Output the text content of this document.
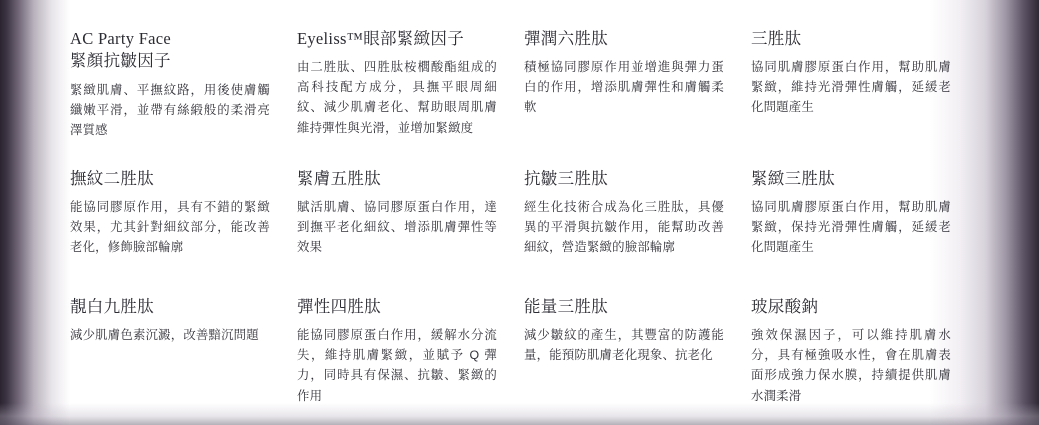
AC Party Face
緊顏抗皺因子

緊緻肌膚、平撫紋路，用後使膚觸纖嫩平滑，並帶有絲緞般的柔滑亮澤質感

Eyeliss™眼部緊緻因子

由二胜肽、四胜肽桉櫚酸酯組成的高科技配方成分，具撫平眼周細紋、減少肌膚老化、幫助眼周肌膚維持彈性與光滑，並增加緊緻度

彈潤六胜肽

積極協同膠原作用並增進與彈力蛋白的作用，增添肌膚彈性和膚觸柔軟

三胜肽

協同肌膚膠原蛋白作用，幫助肌膚緊緻，維持光滑彈性膚觸，延緩老化問題產生

撫紋二胜肽

能協同膠原作用，具有不錯的緊緻效果，尤其針對細紋部分，能改善老化，修飾臉部輪廓

緊膚五胜肽

賦活肌膚、協同膠原蛋白作用，達到撫平老化細紋、增添肌膚彈性等效果

抗皺三胜肽

經生化技術合成為化三胜肽，具優異的平滑與抗皺作用，能幫助改善細紋，營造緊緻的臉部輪廓

緊緻三胜肽

協同肌膚膠原蛋白作用，幫助肌膚緊緻，保持光滑彈性膚觸，延緩老化問題產生

靚白九胜肽

減少肌膚色素沉澱，改善黯沉問題

彈性四胜肽

能協同膠原蛋白作用，緩解水分流失，維持肌膚緊緻，並賦予 Q 彈力，同時具有保濕、抗皺、緊緻的作用

能量三胜肽

減少皺紋的產生，其豐富的防護能量，能預防肌膚老化現象、抗老化

玻尿酸鈉

強效保濕因子，可以維持肌膚水分，具有極強吸水性，會在肌膚表面形成強力保水膜，持續提供肌膚水潤柔滑
